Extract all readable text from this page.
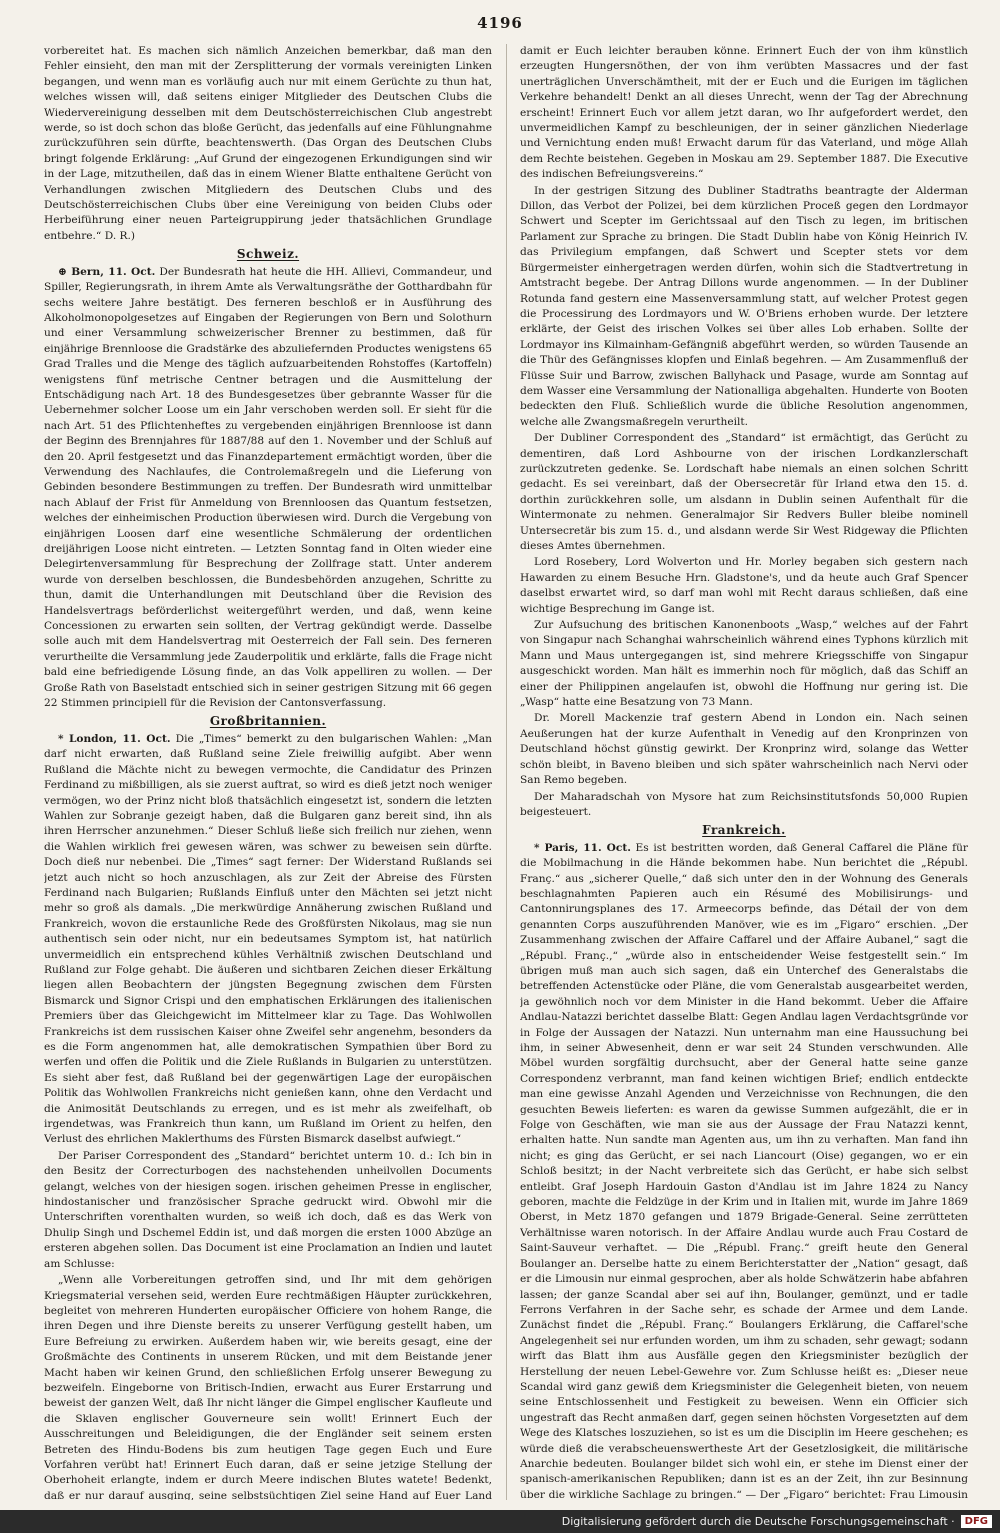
4196

vorbereitet hat. Es machen sich nämlich Anzeichen bemerkbar, daß man den Fehler einsieht, den man mit der Zersplitterung der vormals vereinigten Linken begangen, und wenn man es vorläufig auch nur mit einem Gerüchte zu thun hat, welches wissen will, daß seitens einiger Mitglieder des Deutschen Clubs die Wiedervereinigung desselben mit dem Deutschösterreichischen Club angestrebt werde, so ist doch schon das bloße Gerücht, das jedenfalls auf eine Fühlungnahme zurückzuführen sein dürfte, beachtenswerth. (Das Organ des Deutschen Clubs bringt folgende Erklärung: „Auf Grund der eingezogenen Erkundigungen sind wir in der Lage, mitzutheilen, daß das in einem Wiener Blatte enthaltene Gerücht von Verhandlungen zwischen Mitgliedern des Deutschen Clubs und des Deutschösterreichischen Clubs über eine Vereinigung von beiden Clubs oder Herbeiführung einer neuen Parteigruppirung jeder thatsächlichen Grundlage entbehre.“ D. R.)

Schweiz.

⊕ Bern, 11. Oct. Der Bundesrath hat heute die HH. Allievi, Commandeur, und Spiller, Regierungsrath, in ihrem Amte als Verwaltungsräthe der Gotthardbahn für sechs weitere Jahre bestätigt. Des ferneren beschloß er in Ausführung des Alkoholmonopolgesetzes auf Eingaben der Regierungen von Bern und Solothurn und einer Versammlung schweizerischer Brenner zu bestimmen, daß für einjährige Brennloose die Gradstärke des abzuliefernden Productes wenigstens 65 Grad Tralles und die Menge des täglich aufzuarbeitenden Rohstoffes (Kartoffeln) wenigstens fünf metrische Centner betragen und die Ausmittelung der Entschädigung nach Art. 18 des Bundesgesetzes über gebrannte Wasser für die Uebernehmer solcher Loose um ein Jahr verschoben werden soll. Er sieht für die nach Art. 51 des Pflichtenheftes zu vergebenden einjährigen Brennloose ist dann der Beginn des Brennjahres für 1887/88 auf den 1. November und der Schluß auf den 20. April festgesetzt und das Finanzdepartement ermächtigt worden, über die Verwendung des Nachlaufes, die Controlemaßregeln und die Lieferung von Gebinden besondere Bestimmungen zu treffen. Der Bundesrath wird unmittelbar nach Ablauf der Frist für Anmeldung von Brennloosen das Quantum festsetzen, welches der einheimischen Production überwiesen wird. Durch die Vergebung von einjährigen Loosen darf eine wesentliche Schmälerung der ordentlichen dreijährigen Loose nicht eintreten. — Letzten Sonntag fand in Olten wieder eine Delegirtenversammlung für Besprechung der Zollfrage statt. Unter anderem wurde von derselben beschlossen, die Bundesbehörden anzugehen, Schritte zu thun, damit die Unterhandlungen mit Deutschland über die Revision des Handelsvertrags beförderlichst weitergeführt werden, und daß, wenn keine Concessionen zu erwarten sein sollten, der Vertrag gekündigt werde. Dasselbe solle auch mit dem Handelsvertrag mit Oesterreich der Fall sein. Des ferneren verurtheilte die Versammlung jede Zauderpolitik und erklärte, falls die Frage nicht bald eine befriedigende Lösung finde, an das Volk appelliren zu wollen. — Der Große Rath von Baselstadt entschied sich in seiner gestrigen Sitzung mit 66 gegen 22 Stimmen principiell für die Revision der Cantonsverfassung.

Großbritannien.

* London, 11. Oct. Die „Times“ bemerkt zu den bulgarischen Wahlen: „Man darf nicht erwarten, daß Rußland seine Ziele freiwillig aufgibt. Aber wenn Rußland die Mächte nicht zu bewegen vermochte, die Candidatur des Prinzen Ferdinand zu mißbilligen, als sie zuerst auftrat, so wird es dieß jetzt noch weniger vermögen, wo der Prinz nicht bloß thatsächlich eingesetzt ist, sondern die letzten Wahlen zur Sobranje gezeigt haben, daß die Bulgaren ganz bereit sind, ihn als ihren Herrscher anzunehmen.“ Dieser Schluß ließe sich freilich nur ziehen, wenn die Wahlen wirklich frei gewesen wären, was schwer zu beweisen sein dürfte. Doch dieß nur nebenbei. Die „Times“ sagt ferner: Der Widerstand Rußlands sei jetzt auch nicht so hoch anzuschlagen, als zur Zeit der Abreise des Fürsten Ferdinand nach Bulgarien; Rußlands Einfluß unter den Mächten sei jetzt nicht mehr so groß als damals. „Die merkwürdige Annäherung zwischen Rußland und Frankreich, wovon die erstaunliche Rede des Großfürsten Nikolaus, mag sie nun authentisch sein oder nicht, nur ein bedeutsames Symptom ist, hat natürlich unvermeidlich ein entsprechend kühles Verhältniß zwischen Deutschland und Rußland zur Folge gehabt. Die äußeren und sichtbaren Zeichen dieser Erkältung liegen allen Beobachtern der jüngsten Begegnung zwischen dem Fürsten Bismarck und Signor Crispi und den emphatischen Erklärungen des italienischen Premiers über das Gleichgewicht im Mittelmeer klar zu Tage. Das Wohlwollen Frankreichs ist dem russischen Kaiser ohne Zweifel sehr angenehm, besonders da es die Form angenommen hat, alle demokratischen Sympathien über Bord zu werfen und offen die Politik und die Ziele Rußlands in Bulgarien zu unterstützen. Es sieht aber fest, daß Rußland bei der gegenwärtigen Lage der europäischen Politik das Wohlwollen Frankreichs nicht genießen kann, ohne den Verdacht und die Animosität Deutschlands zu erregen, und es ist mehr als zweifelhaft, ob irgendetwas, was Frankreich thun kann, um Rußland im Orient zu helfen, den Verlust des ehrlichen Maklerthums des Fürsten Bismarck daselbst aufwiegt.“

Der Pariser Correspondent des „Standard“ berichtet unterm 10. d.: Ich bin in den Besitz der Correcturbogen des nachstehenden unheilvollen Documents gelangt, welches von der hiesigen sogen. irischen geheimen Presse in englischer, hindostanischer und französischer Sprache gedruckt wird. Obwohl mir die Unterschriften vorenthalten wurden, so weiß ich doch, daß es das Werk von Dhulip Singh und Dschemel Eddin ist, und daß morgen die ersten 1000 Abzüge an ersteren abgehen sollen. Das Document ist eine Proclamation an Indien und lautet am Schlusse:

„Wenn alle Vorbereitungen getroffen sind, und Ihr mit dem gehörigen Kriegsmaterial versehen seid, werden Eure rechtmäßigen Häupter zurückkehren, begleitet von mehreren Hunderten europäischer Officiere von hohem Range, die ihren Degen und ihre Dienste bereits zu unserer Verfügung gestellt haben, um Eure Befreiung zu erwirken. Außerdem haben wir, wie bereits gesagt, eine der Großmächte des Continents in unserem Rücken, und mit dem Beistande jener Macht haben wir keinen Grund, den schließlichen Erfolg unserer Bewegung zu bezweifeln. Eingeborne von Britisch-Indien, erwacht aus Eurer Erstarrung und beweist der ganzen Welt, daß Ihr nicht länger die Gimpel englischer Kaufleute und die Sklaven englischer Gouverneure sein wollt! Erinnert Euch der Ausschreitungen und Beleidigungen, die der Engländer seit seinem ersten Betreten des Hindu-Bodens bis zum heutigen Tage gegen Euch und Eure Vorfahren verübt hat! Erinnert Euch daran, daß er seine jetzige Stellung der Oberhoheit erlangte, indem er durch Meere indischen Blutes watete! Bedenkt, daß er nur darauf ausging, seine selbstsüchtigen Ziel seine Hand auf Euer Land

damit er Euch leichter berauben könne. Erinnert Euch der von ihm künstlich erzeugten Hungersnöthen, der von ihm verübten Massacres und der fast unerträglichen Unverschämtheit, mit der er Euch und die Eurigen im täglichen Verkehre behandelt! Denkt an all dieses Unrecht, wenn der Tag der Abrechnung erscheint! Erinnert Euch vor allem jetzt daran, wo Ihr aufgefordert werdet, den unvermeidlichen Kampf zu beschleunigen, der in seiner gänzlichen Niederlage und Vernichtung enden muß! Erwacht darum für das Vaterland, und möge Allah dem Rechte beistehen. Gegeben in Moskau am 29. September 1887. Die Executive des indischen Befreiungsvereins.“

In der gestrigen Sitzung des Dubliner Stadtraths beantragte der Alderman Dillon, das Verbot der Polizei, bei dem kürzlichen Proceß gegen den Lordmayor Schwert und Scepter im Gerichtssaal auf den Tisch zu legen, im britischen Parlament zur Sprache zu bringen. Die Stadt Dublin habe von König Heinrich IV. das Privilegium empfangen, daß Schwert und Scepter stets vor dem Bürgermeister einhergetragen werden dürfen, wohin sich die Stadtvertretung in Amtstracht begebe. Der Antrag Dillons wurde angenommen. — In der Dubliner Rotunda fand gestern eine Massenversammlung statt, auf welcher Protest gegen die Processirung des Lordmayors und W. O'Briens erhoben wurde. Der letztere erklärte, der Geist des irischen Volkes sei über alles Lob erhaben. Sollte der Lordmayor ins Kilmainham-Gefängniß abgeführt werden, so würden Tausende an die Thür des Gefängnisses klopfen und Einlaß begehren. — Am Zusammenfluß der Flüsse Suir und Barrow, zwischen Ballyhack und Pasage, wurde am Sonntag auf dem Wasser eine Versammlung der Nationalliga abgehalten. Hunderte von Booten bedeckten den Fluß. Schließlich wurde die übliche Resolution angenommen, welche alle Zwangsmaßregeln verurtheilt.

Der Dubliner Correspondent des „Standard“ ist ermächtigt, das Gerücht zu dementiren, daß Lord Ashbourne von der irischen Lordkanzlerschaft zurückzutreten gedenke. Se. Lordschaft habe niemals an einen solchen Schritt gedacht. Es sei vereinbart, daß der Obersecretär für Irland etwa den 15. d. dorthin zurückkehren solle, um alsdann in Dublin seinen Aufenthalt für die Wintermonate zu nehmen. Generalmajor Sir Redvers Buller bleibe nominell Untersecretär bis zum 15. d., und alsdann werde Sir West Ridgeway die Pflichten dieses Amtes übernehmen.

Lord Rosebery, Lord Wolverton und Hr. Morley begaben sich gestern nach Hawarden zu einem Besuche Hrn. Gladstone's, und da heute auch Graf Spencer daselbst erwartet wird, so darf man wohl mit Recht daraus schließen, daß eine wichtige Besprechung im Gange ist.

Zur Aufsuchung des britischen Kanonenboots „Wasp,“ welches auf der Fahrt von Singapur nach Schanghai wahrscheinlich während eines Typhons kürzlich mit Mann und Maus untergegangen ist, sind mehrere Kriegsschiffe von Singapur ausgeschickt worden. Man hält es immerhin noch für möglich, daß das Schiff an einer der Philippinen angelaufen ist, obwohl die Hoffnung nur gering ist. Die „Wasp“ hatte eine Besatzung von 73 Mann.

Dr. Morell Mackenzie traf gestern Abend in London ein. Nach seinen Aeußerungen hat der kurze Aufenthalt in Venedig auf den Kronprinzen von Deutschland höchst günstig gewirkt. Der Kronprinz wird, solange das Wetter schön bleibt, in Baveno bleiben und sich später wahrscheinlich nach Nervi oder San Remo begeben.

Der Maharadschah von Mysore hat zum Reichsinstitutsfonds 50,000 Rupien beigesteuert.

Frankreich.

* Paris, 11. Oct. Es ist bestritten worden, daß General Caffarel die Pläne für die Mobilmachung in die Hände bekommen habe. Nun berichtet die „Républ. Franç.“ aus „sicherer Quelle,“ daß sich unter den in der Wohnung des Generals beschlagnahmten Papieren auch ein Résumé des Mobilisirungs- und Cantonnirungsplanes des 17. Armeecorps befinde, das Détail der von dem genannten Corps auszuführenden Manöver, wie es im „Figaro“ erschien. „Der Zusammenhang zwischen der Affaire Caffarel und der Affaire Aubanel,“ sagt die „Républ. Franç.,“ „würde also in entscheidender Weise festgestellt sein.“ Im übrigen muß man auch sich sagen, daß ein Unterchef des Generalstabs die betreffenden Actenstücke oder Pläne, die vom Generalstab ausgearbeitet werden, ja gewöhnlich noch vor dem Minister in die Hand bekommt. Ueber die Affaire Andlau-Natazzi berichtet dasselbe Blatt: Gegen Andlau lagen Verdachtsgründe vor in Folge der Aussagen der Natazzi. Nun unternahm man eine Haussuchung bei ihm, in seiner Abwesenheit, denn er war seit 24 Stunden verschwunden. Alle Möbel wurden sorgfältig durchsucht, aber der General hatte seine ganze Correspondenz verbrannt, man fand keinen wichtigen Brief; endlich entdeckte man eine gewisse Anzahl Agenden und Verzeichnisse von Rechnungen, die den gesuchten Beweis lieferten: es waren da gewisse Summen aufgezählt, die er in Folge von Geschäften, wie man sie aus der Aussage der Frau Natazzi kennt, erhalten hatte. Nun sandte man Agenten aus, um ihn zu verhaften. Man fand ihn nicht; es ging das Gerücht, er sei nach Liancourt (Oise) gegangen, wo er ein Schloß besitzt; in der Nacht verbreitete sich das Gerücht, er habe sich selbst entleibt. Graf Joseph Hardouin Gaston d'Andlau ist im Jahre 1824 zu Nancy geboren, machte die Feldzüge in der Krim und in Italien mit, wurde im Jahre 1869 Oberst, in Metz 1870 gefangen und 1879 Brigade-General. Seine zerrütteten Verhältnisse waren notorisch. In der Affaire Andlau wurde auch Frau Costard de Saint-Sauveur verhaftet. — Die „Républ. Franç.“ greift heute den General Boulanger an. Derselbe hatte zu einem Berichterstatter der „Nation“ gesagt, daß er die Limousin nur einmal gesprochen, aber als holde Schwätzerin habe abfahren lassen; der ganze Scandal aber sei auf ihn, Boulanger, gemünzt, und er tadle Ferrons Verfahren in der Sache sehr, es schade der Armee und dem Lande. Zunächst findet die „Républ. Franç.“ Boulangers Erklärung, die Caffarel'sche Angelegenheit sei nur erfunden worden, um ihm zu schaden, sehr gewagt; sodann wirft das Blatt ihm aus Ausfälle gegen den Kriegsminister bezüglich der Herstellung der neuen Lebel-Gewehre vor. Zum Schlusse heißt es: „Dieser neue Scandal wird ganz gewiß dem Kriegsminister die Gelegenheit bieten, von neuem seine Entschlossenheit und Festigkeit zu beweisen. Wenn ein Officier sich ungestraft das Recht anmaßen darf, gegen seinen höchsten Vorgesetzten auf dem Wege des Klatsches loszuziehen, so ist es um die Disciplin im Heere geschehen; es würde dieß die verabscheuenswertheste Art der Gesetzlosigkeit, die militärische Anarchie bedeuten. Boulanger bildet sich wohl ein, er stehe im Dienst einer der spanisch-amerikanischen Republiken; dann ist es an der Zeit, ihn zur Besinnung über die wirkliche Sachlage zu bringen.“ — Der „Figaro“ berichtet: Frau Limousin

Digitalisierung gefördert durch die Deutsche Forschungsgemeinschaft ·	DFG
